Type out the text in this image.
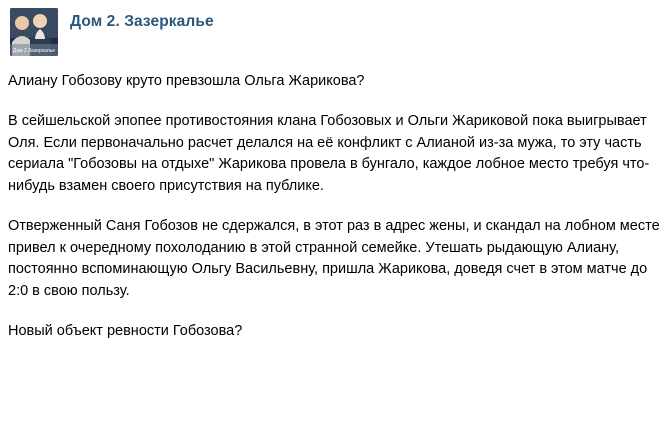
Дом 2 Зазеркалье
Дом 2. Зазеркалье

Алиану Гобозову круто превзошла Ольга Жарикова?

В сейшельской эпопее противостояния клана Гобозовых и Ольги Жариковой пока выигрывает Оля. Если первоначально расчет делался на её конфликт с Алианой из-за мужа, то эту часть сериала "Гобозовы на отдыхе" Жарикова провела в бунгало, каждое лобное место требуя что-нибудь взамен своего присутствия на публике.

Отверженный Саня Гобозов не сдержался, в этот раз в адрес жены, и скандал на лобном месте привел к очередному похолоданию в этой странной семейке. Утешать рыдающую Алиану, постоянно вспоминающую Ольгу Васильевну, пришла Жарикова, доведя счет в этом матче до 2:0 в свою пользу.

Новый объект ревности Гобозова?
